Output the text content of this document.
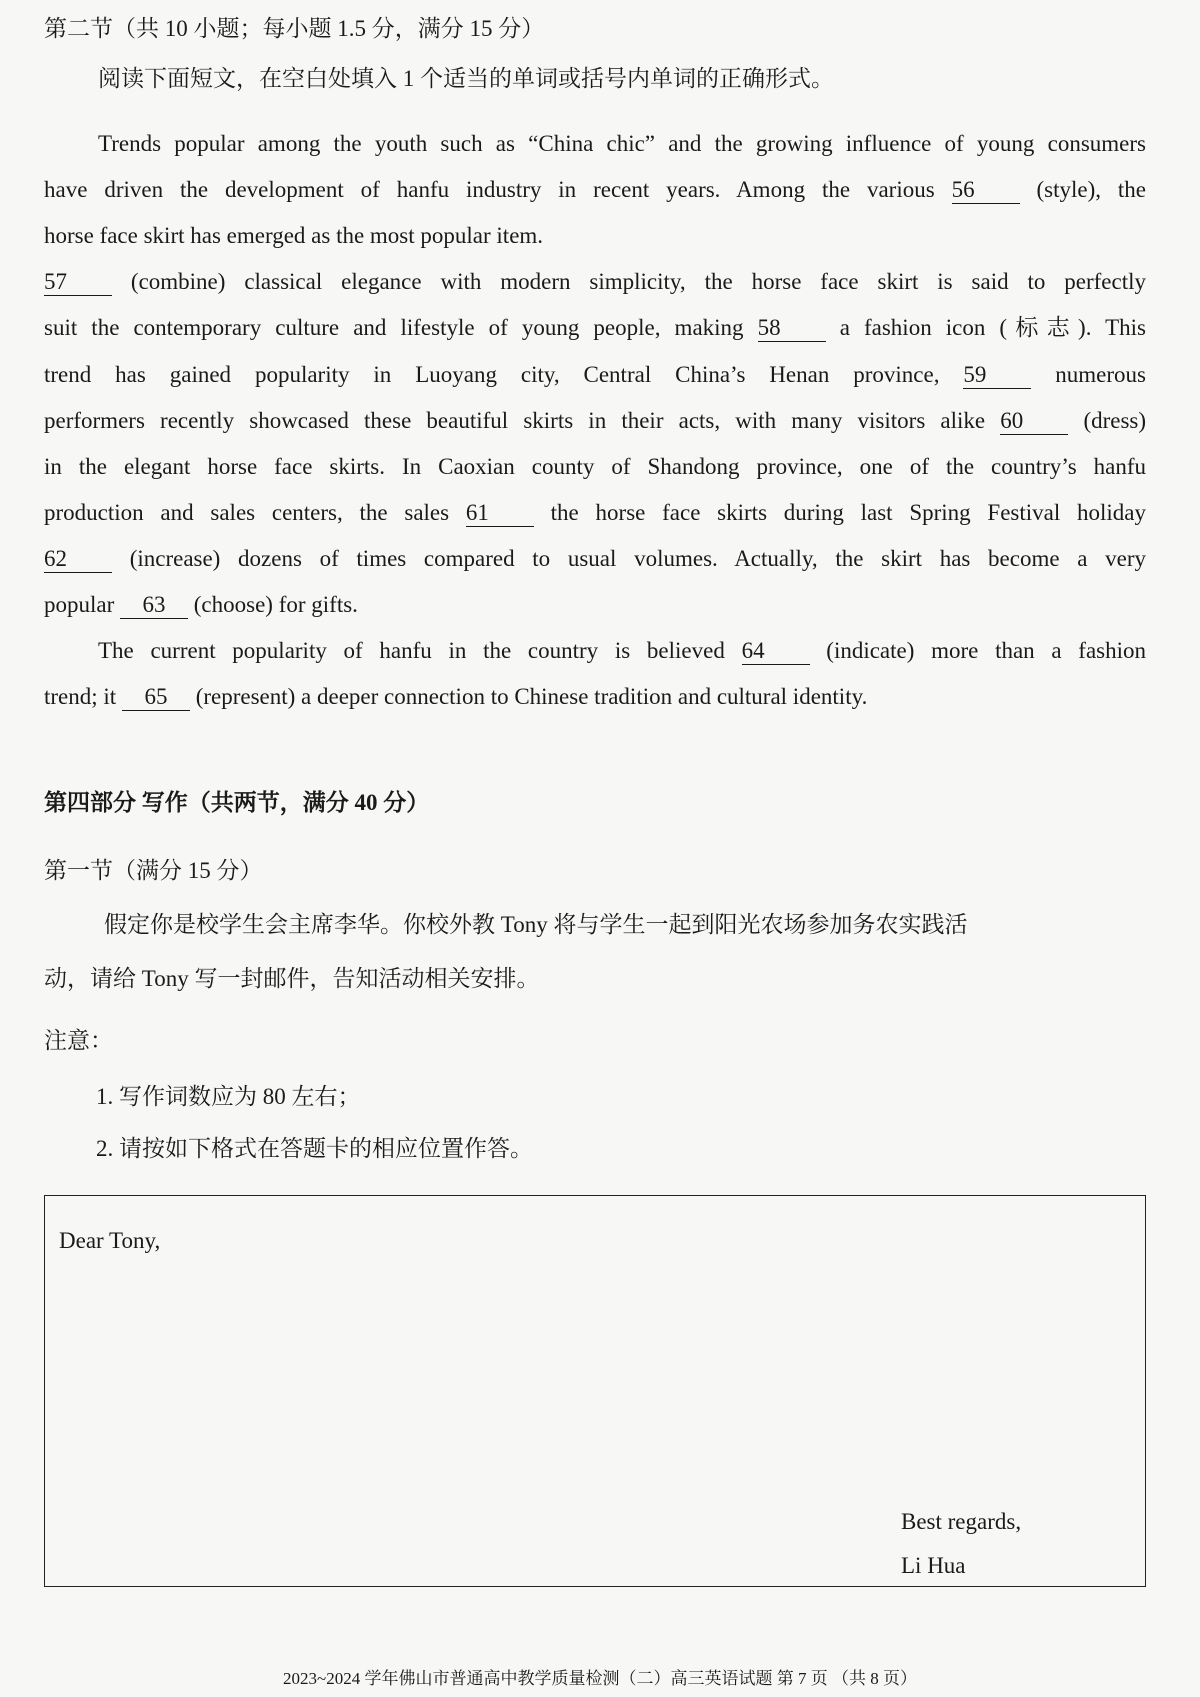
第二节（共 10 小题；每小题 1.5 分，满分 15 分）
阅读下面短文，在空白处填入 1 个适当的单词或括号内单词的正确形式。
Trends popular among the youth such as “China chic” and the growing influence of young consumers
have driven the development of hanfu industry in recent years. Among the various 56	(style), the
horse face skirt has emerged as the most popular item.
57	(combine) classical elegance with modern simplicity, the horse face skirt is said to perfectly
suit the contemporary culture and lifestyle of young people, making 58	a fashion icon (标志). This
trend has gained popularity in Luoyang city, Central China’s Henan province, 59	numerous
performers recently showcased these beautiful skirts in their acts, with many visitors alike 60	(dress)
in the elegant horse face skirts. In Caoxian county of Shandong province, one of the country’s hanfu
production and sales centers, the sales 61	the horse face skirts during last Spring Festival holiday
62	(increase) dozens of times compared to usual volumes. Actually, the skirt has become a very
popular 63 (choose) for gifts.
The current popularity of hanfu in the country is believed 64	(indicate) more than a fashion
trend; it 65 (represent) a deeper connection to Chinese tradition and cultural identity.
第四部分 写作（共两节，满分 40 分）
第一节（满分 15 分）
假定你是校学生会主席李华。你校外教 Tony 将与学生一起到阳光农场参加务农实践活
动，请给 Tony 写一封邮件，告知活动相关安排。
注意：
1. 写作词数应为 80 左右；
2. 请按如下格式在答题卡的相应位置作答。
Dear Tony,
Best regards,
Li Hua
2023~2024 学年佛山市普通高中教学质量检测（二）高三英语试题 第 7 页 （共 8 页）
